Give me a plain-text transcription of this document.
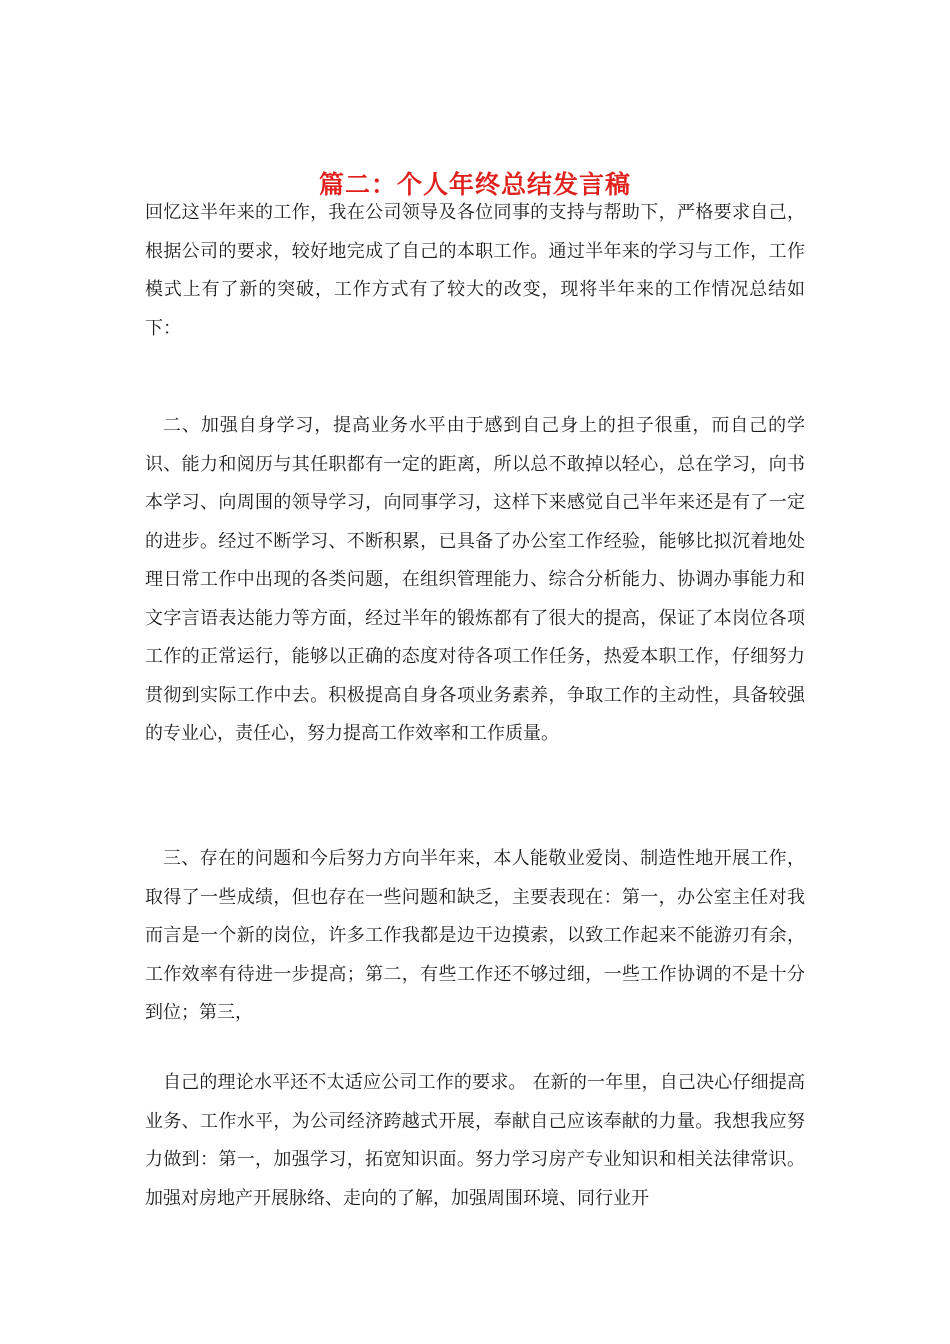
篇二：个人年终总结发言稿

回忆这半年来的工作，我在公司领导及各位同事的支持与帮助下，严格要求自己，根据公司的要求，较好地完成了自己的本职工作。通过半年来的学习与工作，工作模式上有了新的突破，工作方式有了较大的改变，现将半年来的工作情况总结如下：

二、加强自身学习，提高业务水平由于感到自己身上的担子很重，而自己的学识、能力和阅历与其任职都有一定的距离，所以总不敢掉以轻心，总在学习，向书本学习、向周围的领导学习，向同事学习，这样下来感觉自己半年来还是有了一定的进步。经过不断学习、不断积累，已具备了办公室工作经验，能够比拟沉着地处理日常工作中出现的各类问题，在组织管理能力、综合分析能力、协调办事能力和文字言语表达能力等方面，经过半年的锻炼都有了很大的提高，保证了本岗位各项工作的正常运行，能够以正确的态度对待各项工作任务，热爱本职工作，仔细努力贯彻到实际工作中去。积极提高自身各项业务素养，争取工作的主动性，具备较强的专业心，责任心，努力提高工作效率和工作质量。

三、存在的问题和今后努力方向半年来，本人能敬业爱岗、制造性地开展工作，取得了一些成绩，但也存在一些问题和缺乏，主要表现在：第一，办公室主任对我而言是一个新的岗位，许多工作我都是边干边摸索，以致工作起来不能游刃有余，工作效率有待进一步提高；第二，有些工作还不够过细，一些工作协调的不是十分到位；第三，

自己的理论水平还不太适应公司工作的要求。 在新的一年里，自己决心仔细提高业务、工作水平，为公司经济跨越式开展，奉献自己应该奉献的力量。我想我应努力做到：第一，加强学习，拓宽知识面。努力学习房产专业知识和相关法律常识。加强对房地产开展脉络、走向的了解，加强周围环境、同行业开
